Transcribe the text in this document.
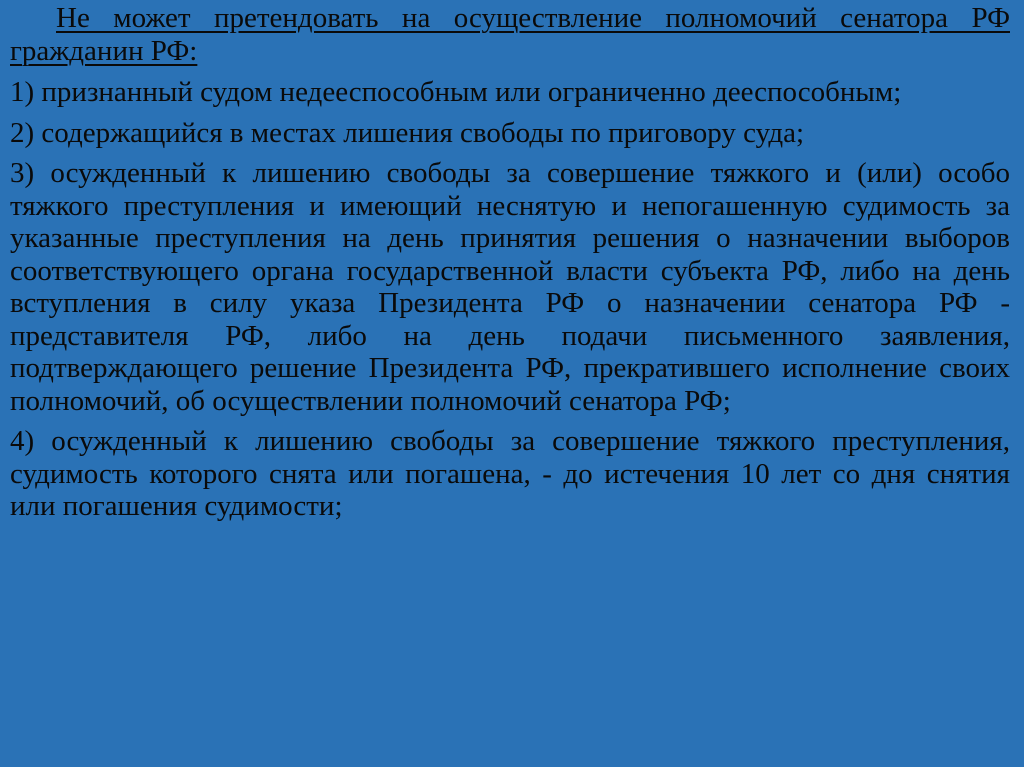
Не может претендовать на осуществление полномочий сенатора РФ гражданин РФ:

1) признанный судом недееспособным или ограниченно дееспособным;

2) содержащийся в местах лишения свободы по приговору суда;

3) осужденный к лишению свободы за совершение тяжкого и (или) особо тяжкого преступления и имеющий неснятую и непогашенную судимость за указанные преступления на день принятия решения о назначении выборов соответствующего органа государственной власти субъекта РФ, либо на день вступления в силу указа Президента РФ о назначении сенатора РФ - представителя РФ, либо на день подачи письменного заявления, подтверждающего решение Президента РФ, прекратившего исполнение своих полномочий, об осуществлении полномочий сенатора РФ;

4) осужденный к лишению свободы за совершение тяжкого преступления, судимость которого снята или погашена, - до истечения 10 лет со дня снятия или погашения судимости;
